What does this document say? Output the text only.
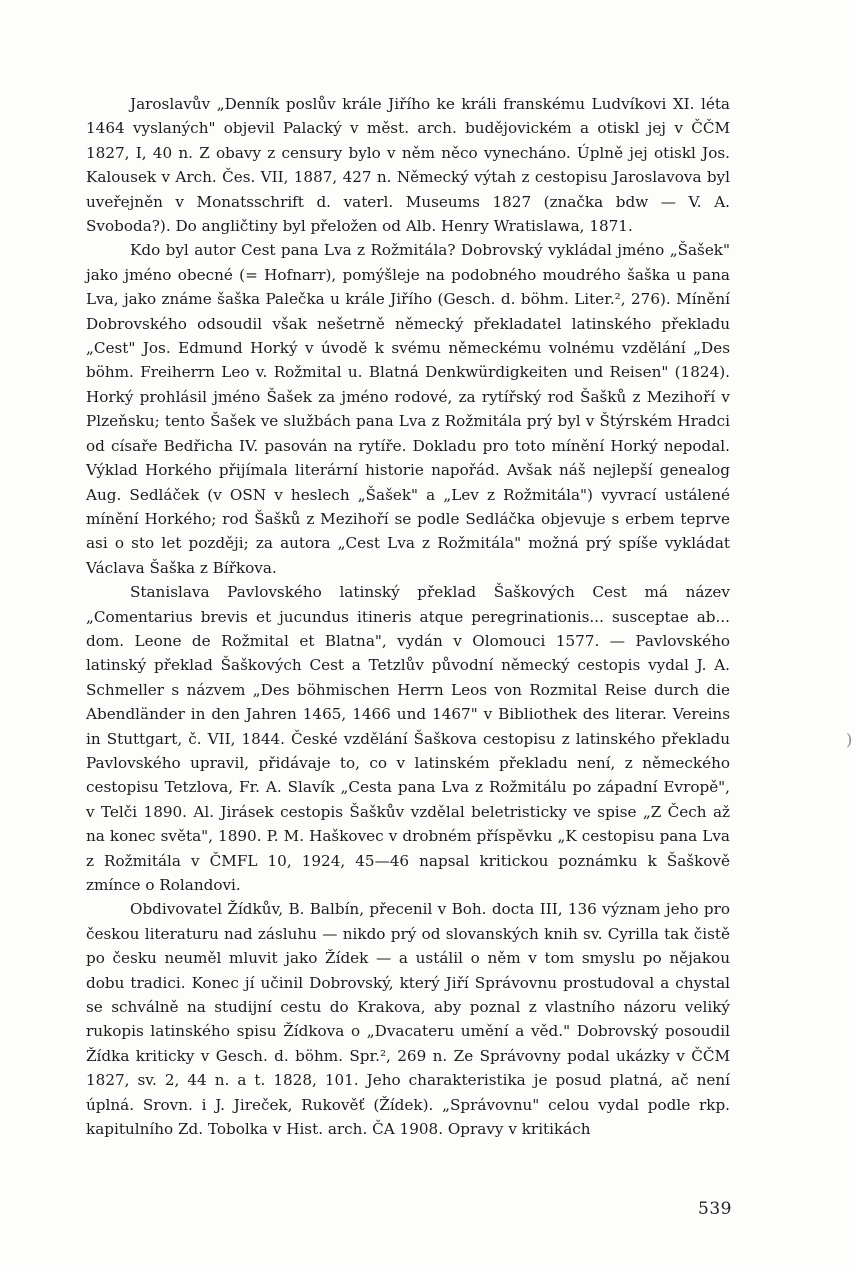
Jaroslavův „Denník poslův krále Jiřího ke králi franskému Ludvíkovi XI. léta 1464 vyslaných" objevil Palacký v měst. arch. budějovickém a otiskl jej v ČČM 1827, I, 40 n. Z obavy z censury bylo v něm něco vynecháno. Úplně jej otiskl Jos. Kalousek v Arch. Čes. VII, 1887, 427 n. Německý výtah z cestopisu Jaroslavova byl uveřejněn v Monatsschrift d. vaterl. Museums 1827 (značka bdw — V. A. Svoboda?). Do angličtiny byl přeložen od Alb. Henry Wratislawa, 1871.

Kdo byl autor Cest pana Lva z Rožmitála? Dobrovský vykládal jméno „Šašek" jako jméno obecné (= Hofnarr), pomýšleje na podobného moudrého šaška u pana Lva, jako známe šaška Palečka u krále Jiřího (Gesch. d. böhm. Liter.², 276). Mínění Dobrovského odsoudil však nešetrně německý překladatel latinského překladu „Cest" Jos. Edmund Horký v úvodě k svému německému volnému vzdělání „Des böhm. Freiherrn Leo v. Rožmital u. Blatná Denkwürdigkeiten und Reisen" (1824). Horký prohlásil jméno Šašek za jméno rodové, za rytířský rod Šašků z Mezihoří v Plzeňsku; tento Šašek ve službách pana Lva z Rožmitála prý byl v Štýrském Hradci od císaře Bedřicha IV. pasován na rytíře. Dokladu pro toto mínění Horký nepodal. Výklad Horkého přijímala literární historie napořád. Avšak náš nejlepší genealog Aug. Sedláček (v OSN v heslech „Šašek" a „Lev z Rožmitála") vyvrací ustálené mínění Horkého; rod Šašků z Mezihoří se podle Sedláčka objevuje s erbem teprve asi o sto let později; za autora „Cest Lva z Rožmitála" možná prý spíše vykládat Václava Šaška z Bířkova.

Stanislava Pavlovského latinský překlad Šaškových Cest má název „Comentarius brevis et jucundus itineris atque peregrinationis... susceptae ab... dom. Leone de Rožmital et Blatna", vydán v Olomouci 1577. — Pavlovského latinský překlad Šaškových Cest a Tetzlův původní německý cestopis vydal J. A. Schmeller s názvem „Des böhmischen Herrn Leos von Rozmital Reise durch die Abendländer in den Jahren 1465, 1466 und 1467" v Bibliothek des literar. Vereins in Stuttgart, č. VII, 1844. České vzdělání Šaškova cestopisu z latinského překladu Pavlovského upravil, přidávaje to, co v latinském překladu není, z německého cestopisu Tetzlova, Fr. A. Slavík „Cesta pana Lva z Rožmitálu po západní Evropě", v Telči 1890. Al. Jirásek cestopis Šaškův vzdělal beletristicky ve spise „Z Čech až na konec světa", 1890. P. M. Haškovec v drobném příspěvku „K cestopisu pana Lva z Rožmitála v ČMFL 10, 1924, 45—46 napsal kritickou poznámku k Šaškově zmínce o Rolandovi.

Obdivovatel Žídkův, B. Balbín, přecenil v Boh. docta III, 136 význam jeho pro českou literaturu nad zásluhu — nikdo prý od slovanských knih sv. Cyrilla tak čistě po česku neuměl mluvit jako Žídek — a ustálil o něm v tom smyslu po nějakou dobu tradici. Konec jí učinil Dobrovský, který Jiří Správovnu prostudoval a chystal se schválně na studijní cestu do Krakova, aby poznal z vlastního názoru veliký rukopis latinského spisu Žídkova o „Dvacateru umění a věd." Dobrovský posoudil Žídka kriticky v Gesch. d. böhm. Spr.², 269 n. Ze Správovny podal ukázky v ČČM 1827, sv. 2, 44 n. a t. 1828, 101. Jeho charakteristika je posud platná, ač není úplná. Srovn. i J. Jireček, Rukověť (Žídek). „Správovnu" celou vydal podle rkp. kapitulního Zd. Tobolka v Hist. arch. ČA 1908. Opravy v kritikách

)
539
